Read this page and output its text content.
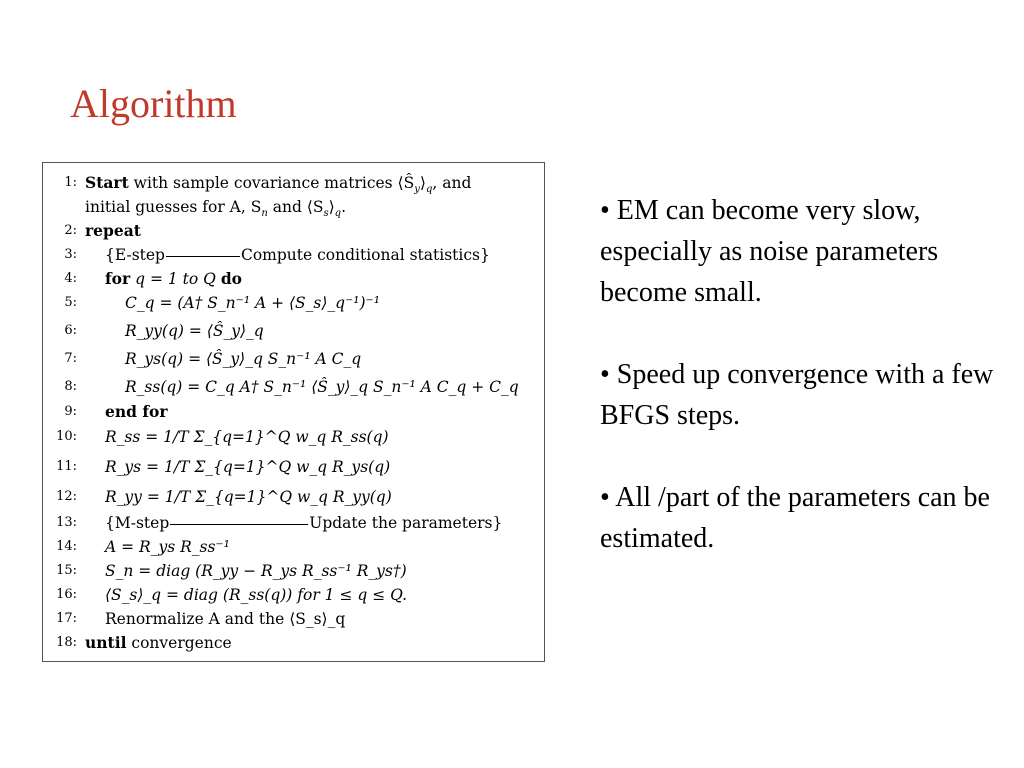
Algorithm
1: Start with sample covariance matrices $⟨Ŝ_y⟩_q$, and
initial guesses for A, $S_n$ and $⟨S_s⟩_q$.
2: repeat
3: {E-step	Compute conditional statistics}
4: for q = 1 to Q do
5:	C_q = (A† S_n⁻¹ A + ⟨S_s⟩_q⁻¹)⁻¹
6:	R_yy(q) = ⟨Ŝ_y⟩_q
7:	R_ys(q) = ⟨Ŝ_y⟩_q S_n⁻¹ A C_q
8:	R_ss(q) = C_q A† S_n⁻¹ ⟨Ŝ_y⟩_q S_n⁻¹ A C_q + C_q
9: end for
10: R_ss = 1/T Σ_{q=1}^Q w_q R_ss(q)
11: R_ys = 1/T Σ_{q=1}^Q w_q R_ys(q)
12: R_yy = 1/T Σ_{q=1}^Q w_q R_yy(q)
13: {M-step	Update the parameters}
14: A = R_ys R_ss⁻¹
15: S_n = diag (R_yy − R_ys R_ss⁻¹ R_ys†)
16: ⟨S_s⟩_q = diag (R_ss(q)) for 1 ≤ q ≤ Q.
17: Renormalize A and the ⟨S_s⟩_q
18: until convergence
• EM can become very slow, especially as noise parameters become small.
• Speed up convergence with a few BFGS steps.
• All /part of the parameters can be estimated.
